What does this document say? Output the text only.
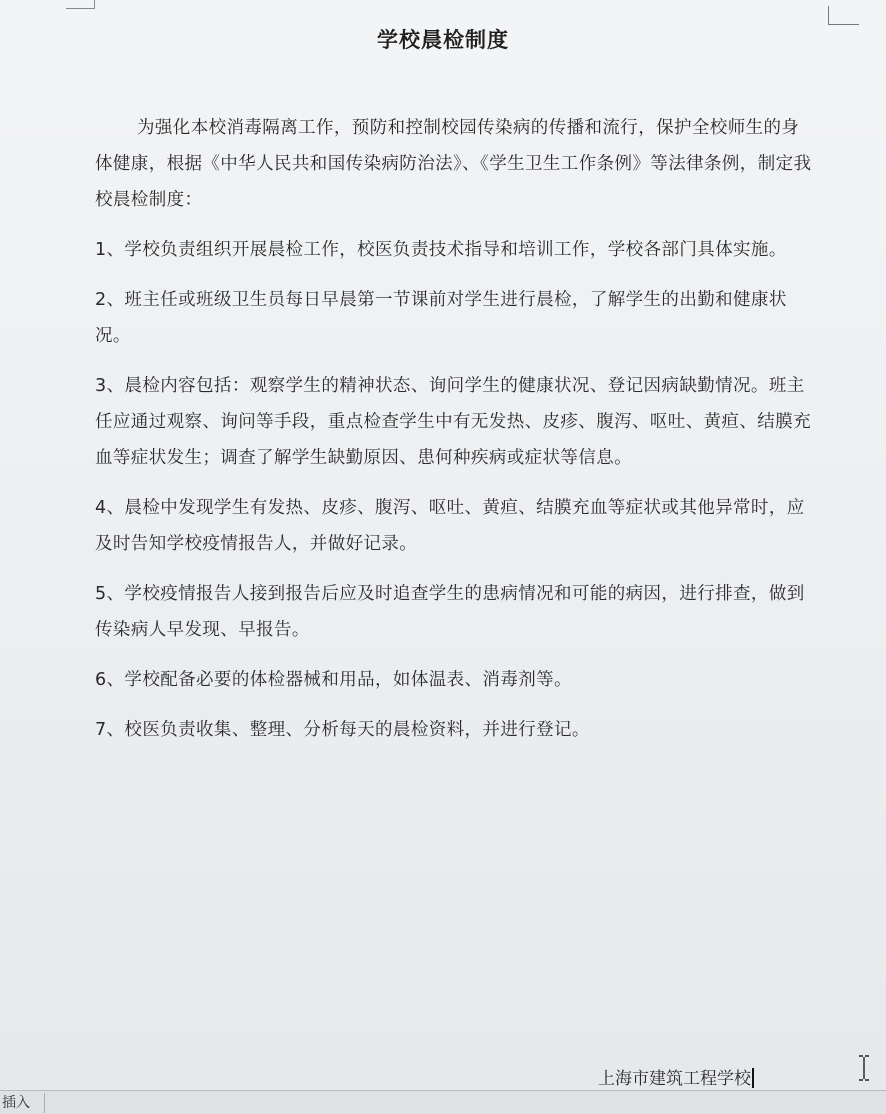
学校晨检制度

为强化本校消毒隔离工作，预防和控制校园传染病的传播和流行，保护全校师生的身体健康，根据《中华人民共和国传染病防治法》、《学生卫生工作条例》等法律条例，制定我校晨检制度：

1、学校负责组织开展晨检工作，校医负责技术指导和培训工作，学校各部门具体实施。

2、班主任或班级卫生员每日早晨第一节课前对学生进行晨检，了解学生的出勤和健康状况。

3、晨检内容包括：观察学生的精神状态、询问学生的健康状况、登记因病缺勤情况。班主任应通过观察、询问等手段，重点检查学生中有无发热、皮疹、腹泻、呕吐、黄疸、结膜充血等症状发生；调查了解学生缺勤原因、患何种疾病或症状等信息。

4、晨检中发现学生有发热、皮疹、腹泻、呕吐、黄疸、结膜充血等症状或其他异常时，应及时告知学校疫情报告人，并做好记录。

5、学校疫情报告人接到报告后应及时追查学生的患病情况和可能的病因，进行排查，做到传染病人早发现、早报告。

6、学校配备必要的体检器械和用品，如体温表、消毒剂等。

7、校医负责收集、整理、分析每天的晨检资料，并进行登记。

上海市建筑工程学校
插入
